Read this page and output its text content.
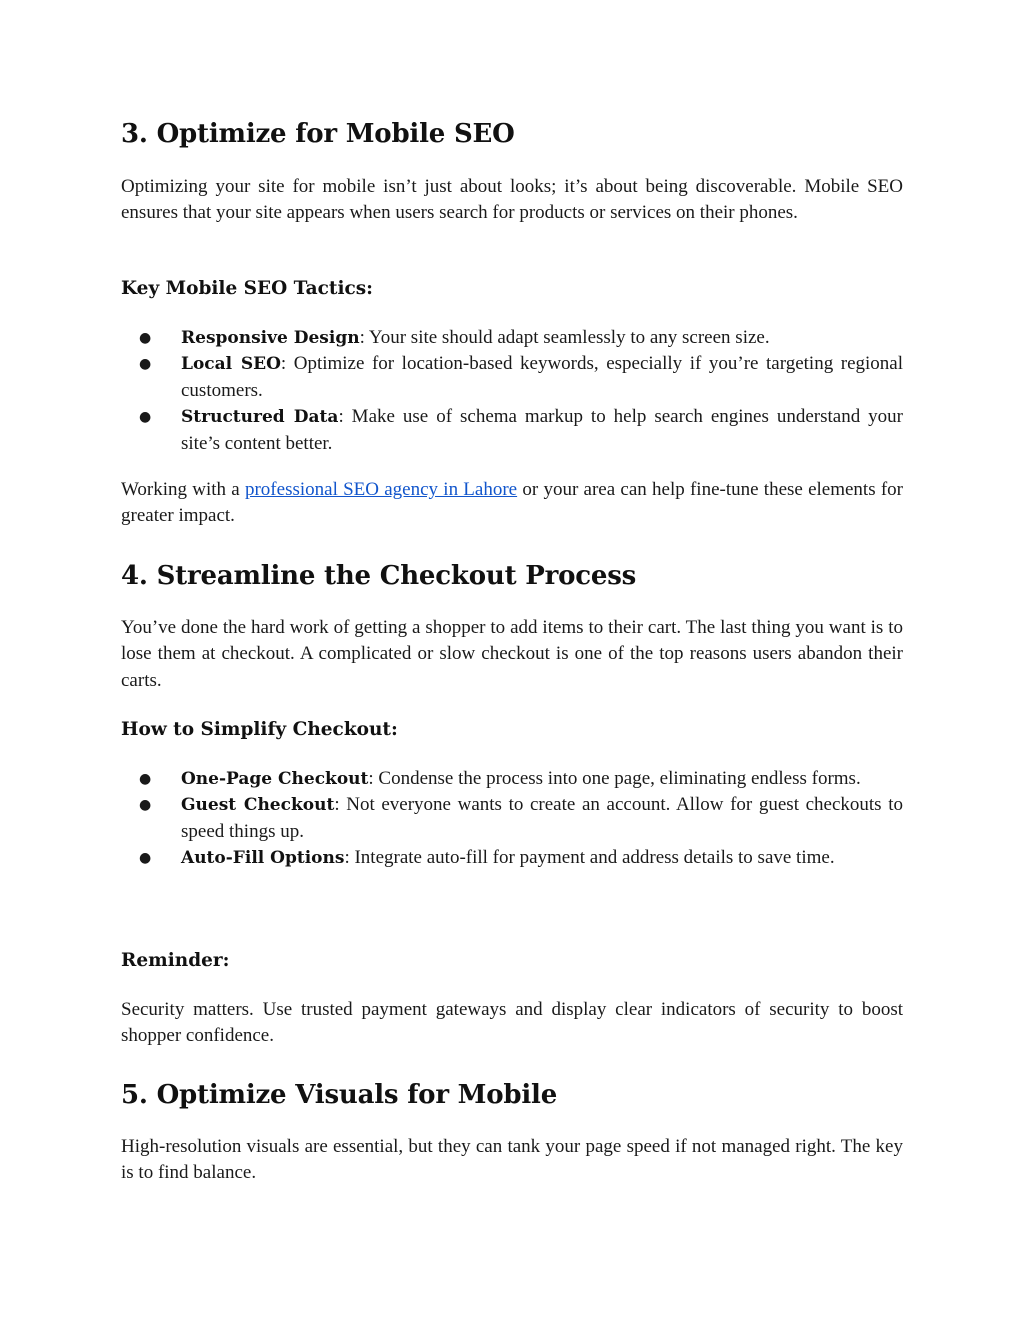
3. Optimize for Mobile SEO

Optimizing your site for mobile isn’t just about looks; it’s about being discoverable. Mobile SEO ensures that your site appears when users search for products or services on their phones.

Key Mobile SEO Tactics:
● Responsive Design: Your site should adapt seamlessly to any screen size.
● Local SEO: Optimize for location-based keywords, especially if you’re targeting regional customers.
● Structured Data: Make use of schema markup to help search engines understand your site’s content better.

Working with a professional SEO agency in Lahore or your area can help fine-tune these elements for greater impact.

4. Streamline the Checkout Process

You’ve done the hard work of getting a shopper to add items to their cart. The last thing you want is to lose them at checkout. A complicated or slow checkout is one of the top reasons users abandon their carts.

How to Simplify Checkout:
● One-Page Checkout: Condense the process into one page, eliminating endless forms.
● Guest Checkout: Not everyone wants to create an account. Allow for guest checkouts to speed things up.
● Auto-Fill Options: Integrate auto-fill for payment and address details to save time.
Reminder:

Security matters. Use trusted payment gateways and display clear indicators of security to boost shopper confidence.

5. Optimize Visuals for Mobile

High-resolution visuals are essential, but they can tank your page speed if not managed right. The key is to find balance.
